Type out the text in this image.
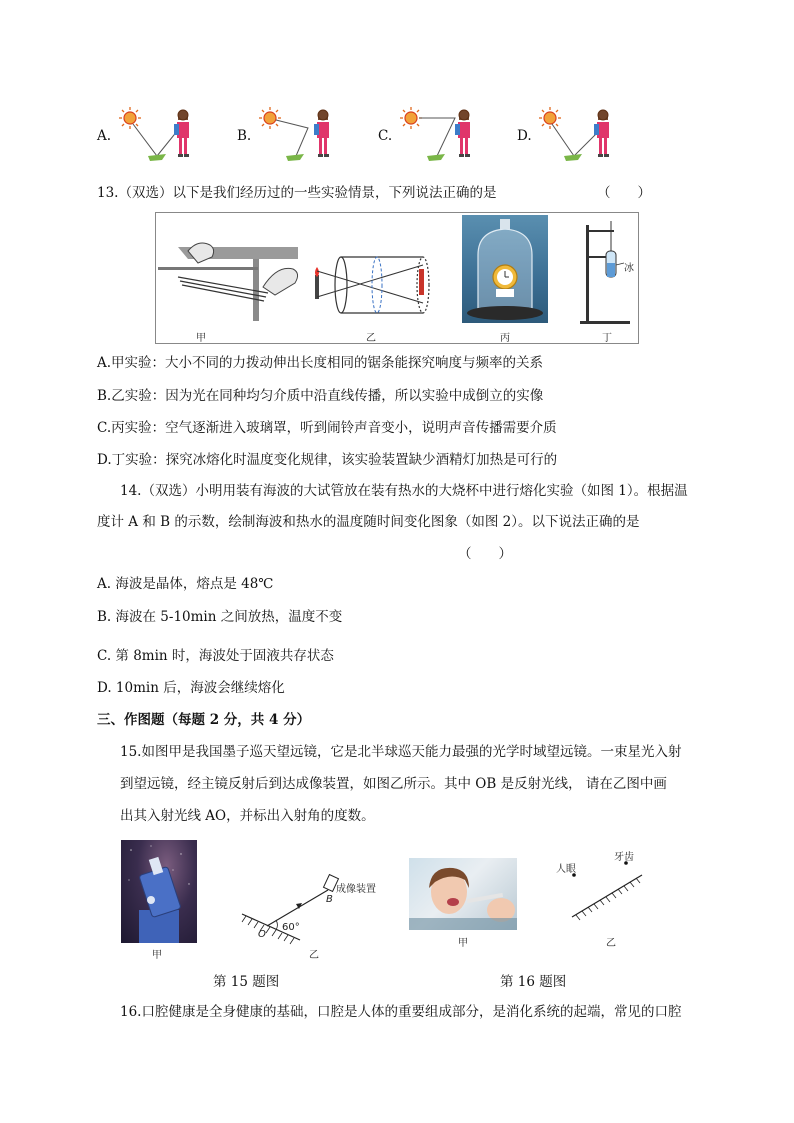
A.	B.	C.	D.
13.（双选）以下是我们经历过的一些实验情景，下列说法正确的是	（　　）
甲	乙	丙
冰
丁
A.甲实验：大小不同的力拨动伸出长度相同的锯条能探究响度与频率的关系
B.乙实验：因为光在同种均匀介质中沿直线传播，所以实验中成倒立的实像
C.丙实验：空气逐渐进入玻璃罩，听到闹铃声音变小，说明声音传播需要介质
D.丁实验：探究冰熔化时温度变化规律，该实验装置缺少酒精灯加热是可行的
14.（双选）小明用装有海波的大试管放在装有热水的大烧杯中进行熔化实验（如图 1）。根据温
度计 A 和 B 的示数，绘制海波和热水的温度随时间变化图象（如图 2）。以下说法正确的是
（　　）
A. 海波是晶体，熔点是 48℃
B. 海波在 5-10min 之间放热，温度不变
C. 第 8min 时，海波处于固液共存状态
D. 10min 后，海波会继续熔化
三、作图题（每题 2 分，共 4 分）
15.如图甲是我国墨子巡天望远镜，它是北半球巡天能力最强的光学时域望远镜。一束星光入射
到望远镜，经主镜反射后到达成像装置，如图乙所示。其中 OB 是反射光线， 请在乙图中画
出其入射光线 AO，并标出入射角的度数。
甲
成像装置
B
O
60°
乙
第 15 题图
甲
人眼
牙齿
乙
第 16 题图
16.口腔健康是全身健康的基础，口腔是人体的重要组成部分，是消化系统的起端，常见的口腔
